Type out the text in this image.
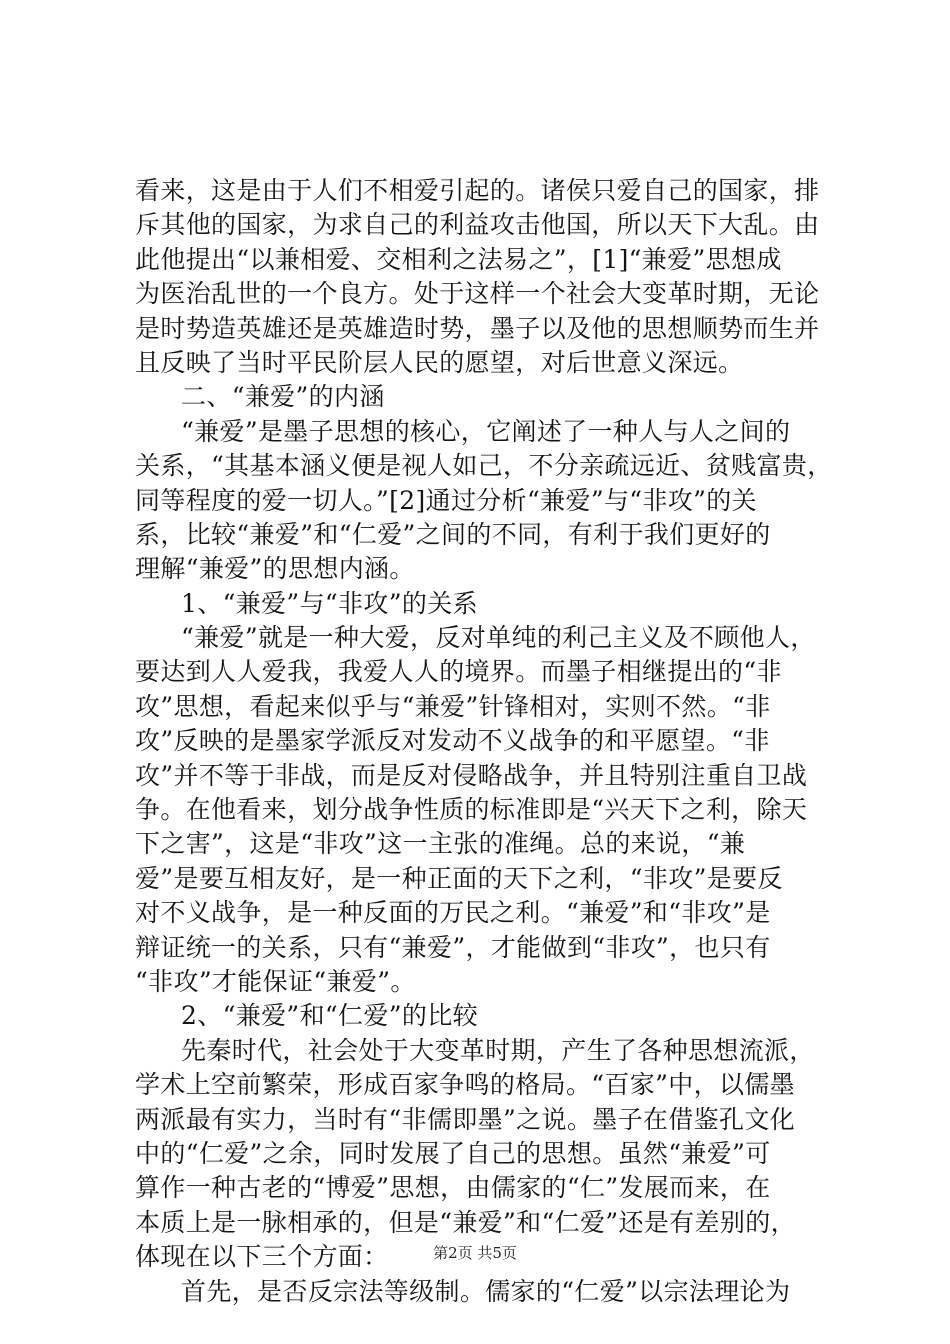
看来，这是由于人们不相爱引起的。诸侯只爱自己的国家，排
斥其他的国家，为求自己的利益攻击他国，所以天下大乱。由
此他提出“以兼相爱、交相利之法易之”，[1]“兼爱”思想成
为医治乱世的一个良方。处于这样一个社会大变革时期，无论
是时势造英雄还是英雄造时势，墨子以及他的思想顺势而生并
且反映了当时平民阶层人民的愿望，对后世意义深远。
二、“兼爱”的内涵
“兼爱”是墨子思想的核心，它阐述了一种人与人之间的
关系，“其基本涵义便是视人如己，不分亲疏远近、贫贱富贵，
同等程度的爱一切人。”[2]通过分析“兼爱”与“非攻”的关
系，比较“兼爱”和“仁爱”之间的不同，有利于我们更好的
理解“兼爱”的思想内涵。
1、“兼爱”与“非攻”的关系
“兼爱”就是一种大爱，反对单纯的利己主义及不顾他人，
要达到人人爱我，我爱人人的境界。而墨子相继提出的“非
攻”思想，看起来似乎与“兼爱”针锋相对，实则不然。“非
攻”反映的是墨家学派反对发动不义战争的和平愿望。“非
攻”并不等于非战，而是反对侵略战争，并且特别注重自卫战
争。在他看来，划分战争性质的标准即是“兴天下之利，除天
下之害”，这是“非攻”这一主张的准绳。总的来说，“兼
爱”是要互相友好，是一种正面的天下之利，“非攻”是要反
对不义战争，是一种反面的万民之利。“兼爱”和“非攻”是
辩证统一的关系，只有“兼爱”，才能做到“非攻”，也只有
“非攻”才能保证“兼爱”。
2、“兼爱”和“仁爱”的比较
先秦时代，社会处于大变革时期，产生了各种思想流派，
学术上空前繁荣，形成百家争鸣的格局。“百家”中，以儒墨
两派最有实力，当时有“非儒即墨”之说。墨子在借鉴孔文化
中的“仁爱”之余，同时发展了自己的思想。虽然“兼爱”可
算作一种古老的“博爱”思想，由儒家的“仁”发展而来，在
本质上是一脉相承的，但是“兼爱”和“仁爱”还是有差别的，
体现在以下三个方面：
首先，是否反宗法等级制。儒家的“仁爱”以宗法理论为
第2页 共5页
